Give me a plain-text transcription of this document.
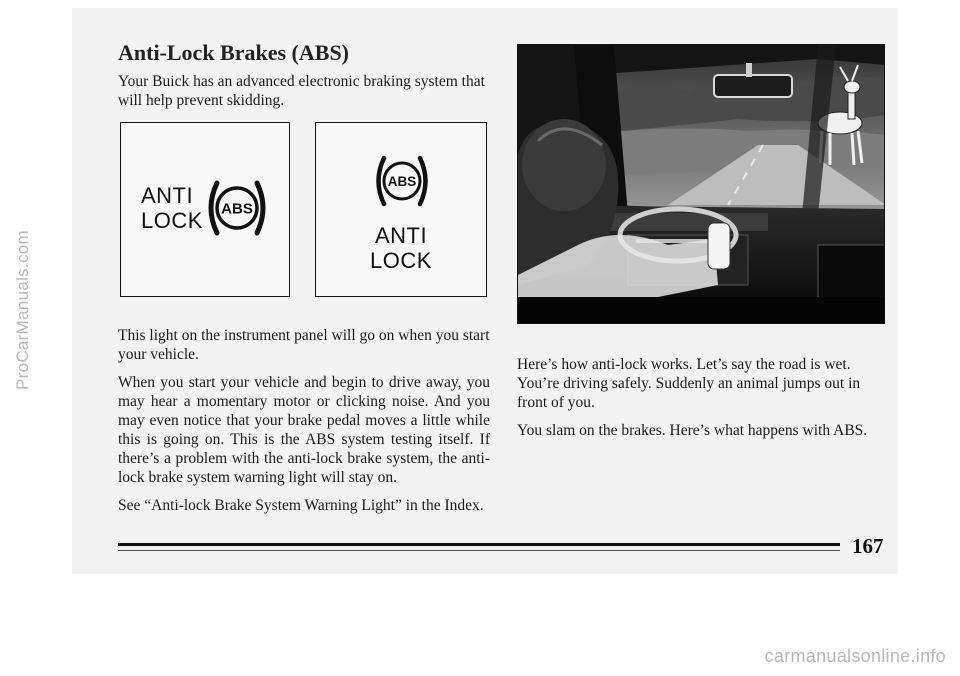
ProCarManuals.com
Anti-Lock Brakes (ABS)

Your Buick has an advanced electronic braking system that will help prevent skidding.

ANTI
LOCK ABS
ABS
ANTI
LOCK

This light on the instrument panel will go on when you start your vehicle.

When you start your vehicle and begin to drive away, you may hear a momentary motor or clicking noise. And you may even notice that your brake pedal moves a little while this is going on. This is the ABS system testing itself. If there’s a problem with the anti-lock brake system, the anti-lock brake system warning light will stay on.

See “Anti-lock Brake System Warning Light” in the Index.

Here’s how anti-lock works. Let’s say the road is wet. You’re driving safely. Suddenly an animal jumps out in front of you.

You slam on the brakes. Here’s what happens with ABS.

167
carmanualsonline.info
